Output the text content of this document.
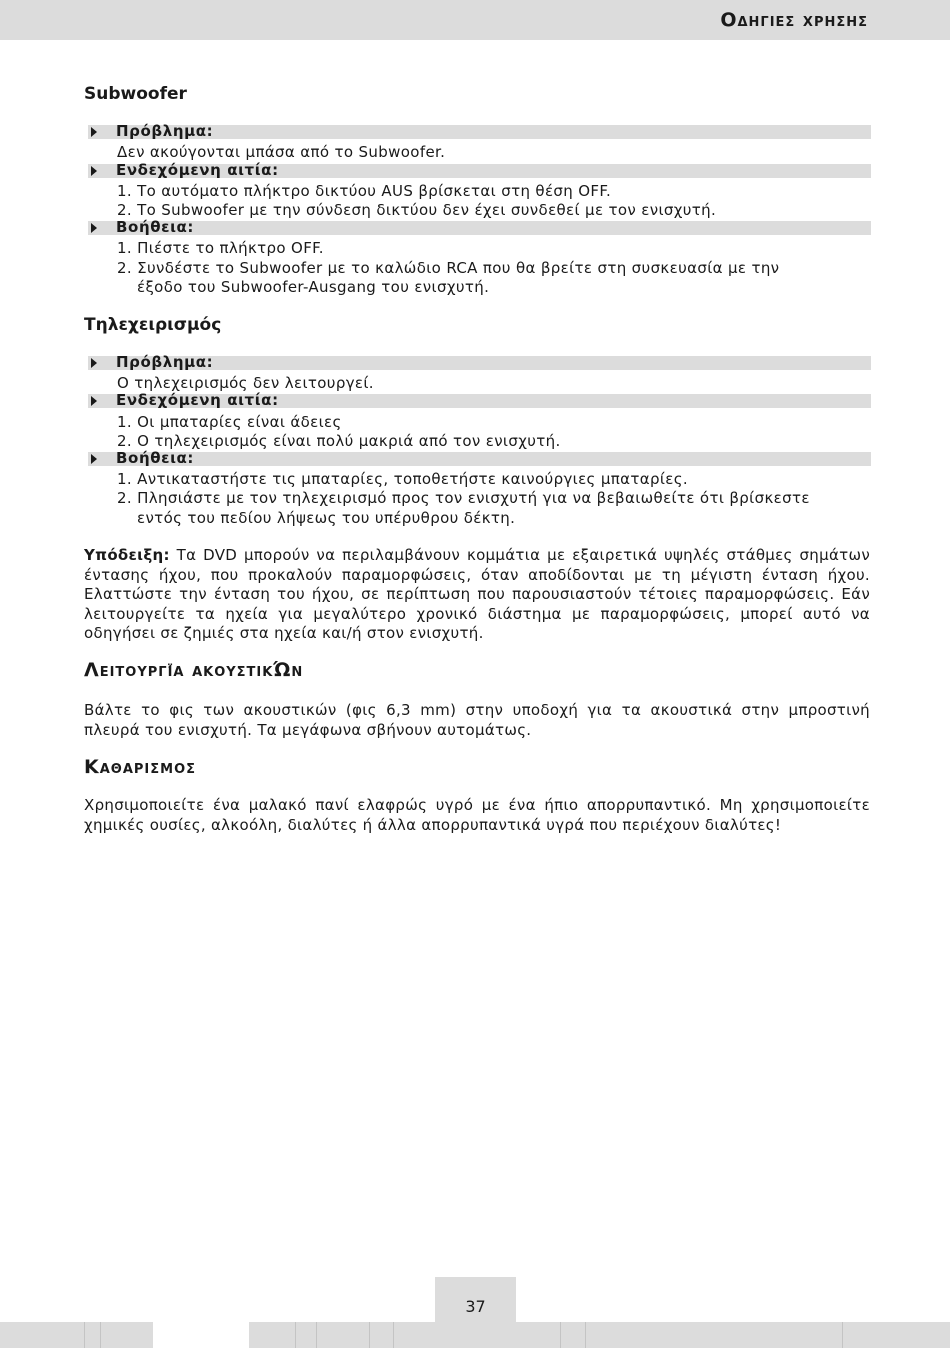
Οδηγιες χρησης
Subwoofer
Πρόβλημα:
Δεν ακούγονται μπάσα από το Subwoofer.
Ενδεχόμενη αιτία:
1. Το αυτόματο πλήκτρο δικτύου AUS βρίσκεται στη θέση OFF.
2. Το Subwoofer με την σύνδεση δικτύου δεν έχει συνδεθεί με τον ενισχυτή.
Βοήθεια:
1. Πιέστε το πλήκτρο OFF.
2. Συνδέστε το Subwoofer με το καλώδιο RCA που θα βρείτε στη συσκευασία με την
έξοδο του Subwoofer-Ausgang του ενισχυτή.
Τηλεχειρισμός
Πρόβλημα:
Ο τηλεχειρισμός δεν λειτουργεί.
Ενδεχόμενη αιτία:
1. Οι μπαταρίες είναι άδειες
2. Ο τηλεχειρισμός είναι πολύ μακριά από τον ενισχυτή.
Βοήθεια:
1. Αντικαταστήστε τις μπαταρίες, τοποθετήστε καινούργιες μπαταρίες.
2. Πλησιάστε με τον τηλεχειρισμό προς τον ενισχυτή για να βεβαιωθείτε ότι βρίσκεστε
εντός του πεδίου λήψεως του υπέρυθρου δέκτη.
Υπόδειξη: Τα DVD μπορούν να περιλαμβάνουν κομμάτια με εξαιρετικά υψηλές στάθμες σημάτων έντασης ήχου, που προκαλούν παραμορφώσεις, όταν αποδίδονται με τη μέγιστη ένταση ήχου. Ελαττώστε την ένταση του ήχου, σε περίπτωση που παρουσιαστούν τέτοιες παραμορφώσεις. Εάν λειτουργείτε τα ηχεία για μεγαλύτερο χρονικό διάστημα με παραμορφώσεις, μπορεί αυτό να οδηγήσει σε ζημιές στα ηχεία και/ή στον ενισχυτή.
Λειτουργΐα ακουστικΏν
Βάλτε το φις των ακουστικών (φις 6,3 mm) στην υποδοχή για τα ακουστικά στην μπροστινή πλευρά του ενισχυτή. Τα μεγάφωνα σβήνουν αυτομάτως.
Καθαρισμος
Χρησιμοποιείτε ένα μαλακό πανί ελαφρώς υγρό με ένα ήπιο απορρυπαντικό. Μη χρησιμοποιείτε χημικές ουσίες, αλκοόλη, διαλύτες ή άλλα απορρυπαντικά υγρά που περιέχουν διαλύτες!
37
